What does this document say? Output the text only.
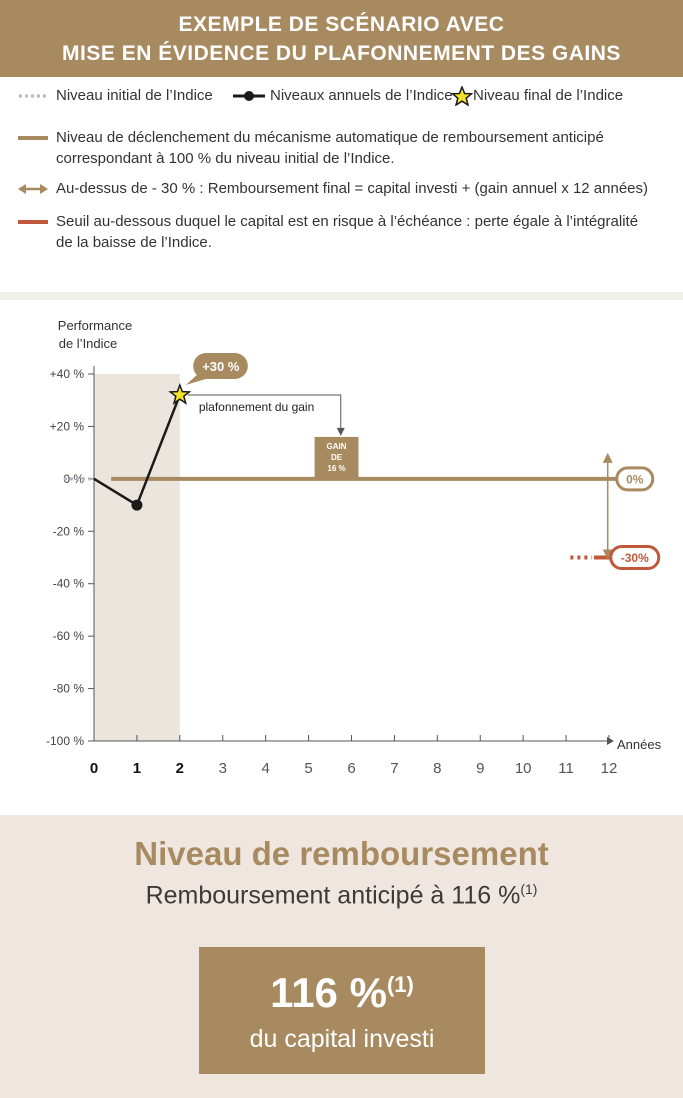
EXEMPLE DE SCÉNARIO AVEC
MISE EN ÉVIDENCE DU PLAFONNEMENT DES GAINS
Niveau initial de l’Indice	Niveaux annuels de l’Indice Niveau final de l’Indice
Niveau de déclenchement du mécanisme automatique de remboursement anticipé
correspondant à 100 % du niveau initial de l’Indice.
Au-dessus de - 30 % : Remboursement final = capital investi + (gain annuel x 12 années)
Seuil au-dessous duquel le capital est en risque à l’échéance : perte égale à l’intégralité
de la baisse de l’Indice.
+40 %
+20 %
0 %
-20 %
-40 %
-60 %
-80 %
-100 %
0 1 2 3 4 5 6 7 8 9 10 11 12
Performance
de l’Indice
Années
0%
-30%
GAIN
DE
16 %
plafonnement du gain
+30 %
Niveau de remboursement
Remboursement anticipé à 116 %$^{(1)}$
116 %$^{(1)}$
du capital investi
